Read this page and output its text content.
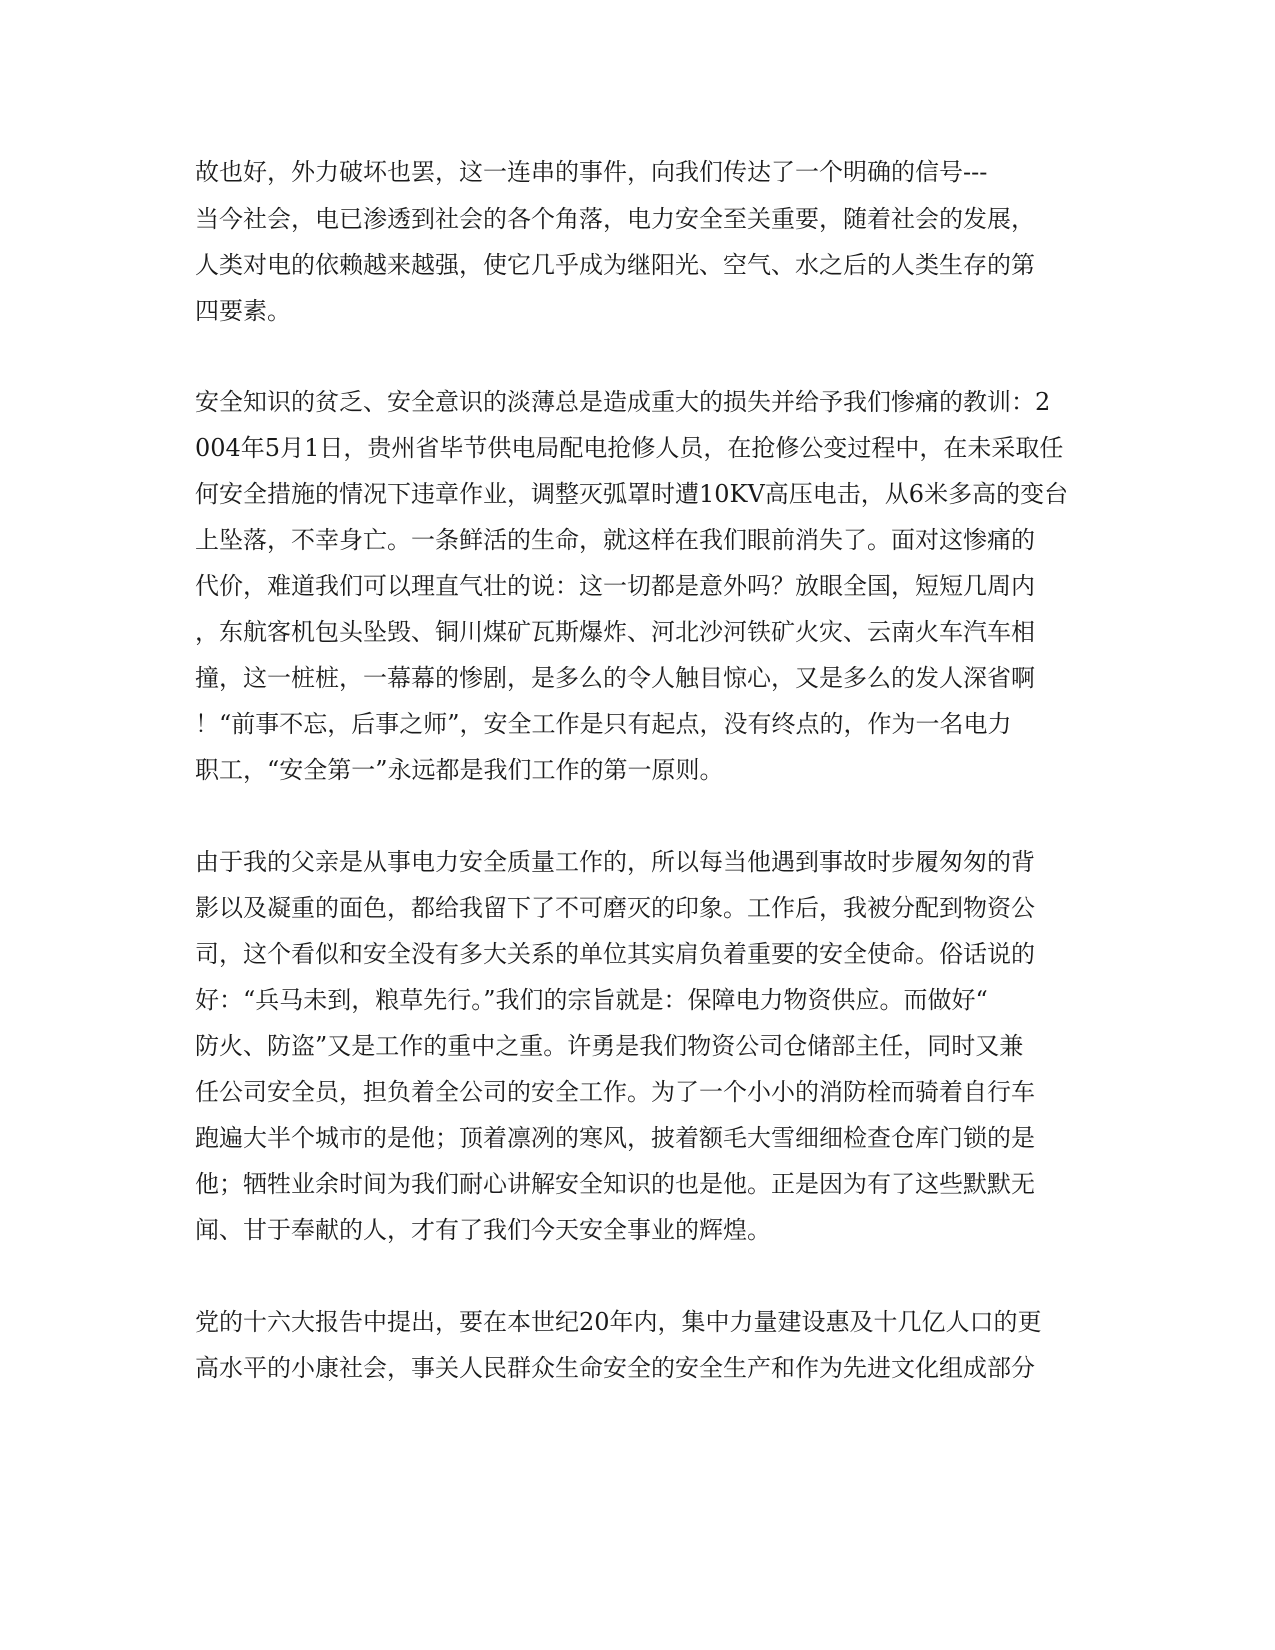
故也好，外力破坏也罢，这一连串的事件，向我们传达了一个明确的信号---

当今社会，电已渗透到社会的各个角落，电力安全至关重要，随着社会的发展，

人类对电的依赖越来越强，使它几乎成为继阳光、空气、水之后的人类生存的第

四要素。

安全知识的贫乏、安全意识的淡薄总是造成重大的损失并给予我们惨痛的教训：2

004年5月1日，贵州省毕节供电局配电抢修人员，在抢修公变过程中，在未采取任

何安全措施的情况下违章作业，调整灭弧罩时遭10KV高压电击，从6米多高的变台

上坠落，不幸身亡。一条鲜活的生命，就这样在我们眼前消失了。面对这惨痛的

代价，难道我们可以理直气壮的说：这一切都是意外吗？放眼全国，短短几周内

，东航客机包头坠毁、铜川煤矿瓦斯爆炸、河北沙河铁矿火灾、云南火车汽车相

撞，这一桩桩，一幕幕的惨剧，是多么的令人触目惊心，又是多么的发人深省啊

！“前事不忘，后事之师”，安全工作是只有起点，没有终点的，作为一名电力

职工，“安全第一”永远都是我们工作的第一原则。

由于我的父亲是从事电力安全质量工作的，所以每当他遇到事故时步履匆匆的背

影以及凝重的面色，都给我留下了不可磨灭的印象。工作后，我被分配到物资公

司，这个看似和安全没有多大关系的单位其实肩负着重要的安全使命。俗话说的

好：“兵马未到，粮草先行。”我们的宗旨就是：保障电力物资供应。而做好“

防火、防盗”又是工作的重中之重。许勇是我们物资公司仓储部主任，同时又兼

任公司安全员，担负着全公司的安全工作。为了一个小小的消防栓而骑着自行车

跑遍大半个城市的是他；顶着凛冽的寒风，披着额毛大雪细细检查仓库门锁的是

他；牺牲业余时间为我们耐心讲解安全知识的也是他。正是因为有了这些默默无

闻、甘于奉献的人，才有了我们今天安全事业的辉煌。

党的十六大报告中提出，要在本世纪20年内，集中力量建设惠及十几亿人口的更

高水平的小康社会，事关人民群众生命安全的安全生产和作为先进文化组成部分
